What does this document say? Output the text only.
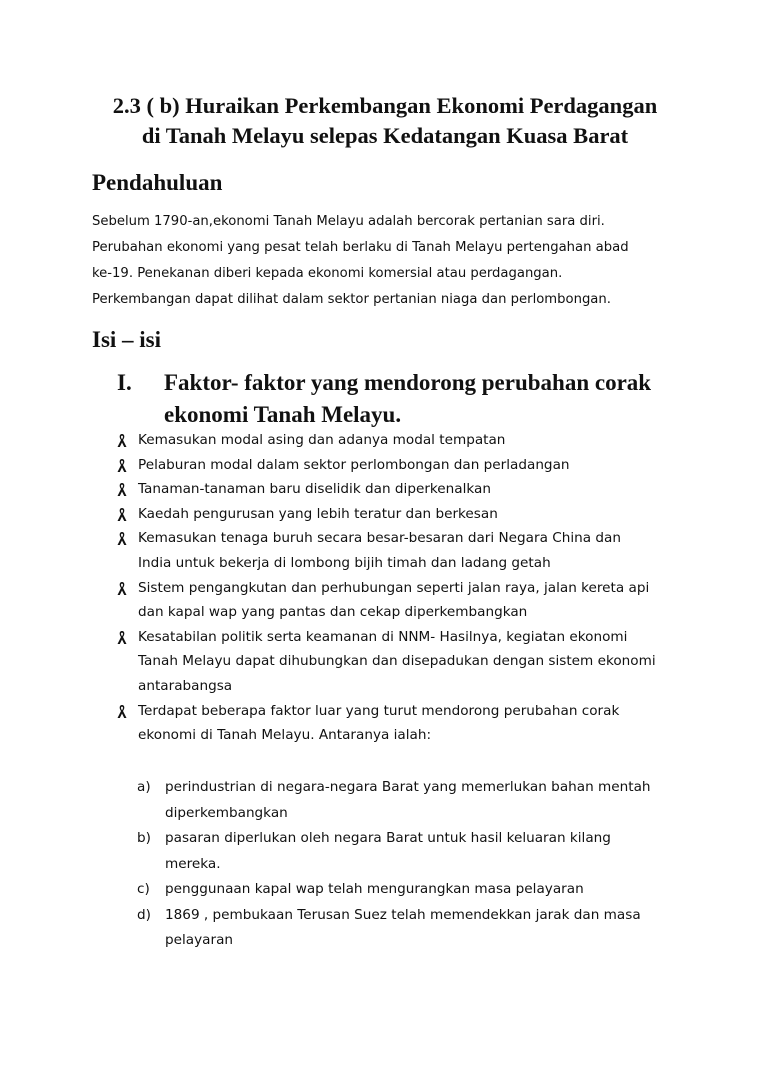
2.3 ( b) Huraikan Perkembangan Ekonomi Perdagangan
di Tanah Melayu selepas Kedatangan Kuasa Barat
Pendahuluan
Sebelum 1790-an,ekonomi Tanah Melayu adalah bercorak pertanian sara diri.
Perubahan ekonomi yang pesat telah berlaku di Tanah Melayu pertengahan abad
ke-19. Penekanan diberi kepada ekonomi komersial atau perdagangan.
Perkembangan dapat dilihat dalam sektor pertanian niaga dan perlombongan.
Isi – isi
I. Faktor- faktor yang mendorong perubahan corak
ekonomi Tanah Melayu.
Kemasukan modal asing dan adanya modal tempatan
Pelaburan modal dalam sektor perlombongan dan perladangan
Tanaman-tanaman baru diselidik dan diperkenalkan
Kaedah pengurusan yang lebih teratur dan berkesan
Kemasukan tenaga buruh secara besar-besaran dari Negara China dan
India untuk bekerja di lombong bijih timah dan ladang getah
Sistem pengangkutan dan perhubungan seperti jalan raya, jalan kereta api
dan kapal wap yang pantas dan cekap diperkembangkan
Kesatabilan politik serta keamanan di NNM- Hasilnya, kegiatan ekonomi
Tanah Melayu dapat dihubungkan dan disepadukan dengan sistem ekonomi
antarabangsa
Terdapat beberapa faktor luar yang turut mendorong perubahan corak
ekonomi di Tanah Melayu. Antaranya ialah:
a) perindustrian di negara-negara Barat yang memerlukan bahan mentah
diperkembangkan
b) pasaran diperlukan oleh negara Barat untuk hasil keluaran kilang
mereka.
c) penggunaan kapal wap telah mengurangkan masa pelayaran
d) 1869 , pembukaan Terusan Suez telah memendekkan jarak dan masa
pelayaran
